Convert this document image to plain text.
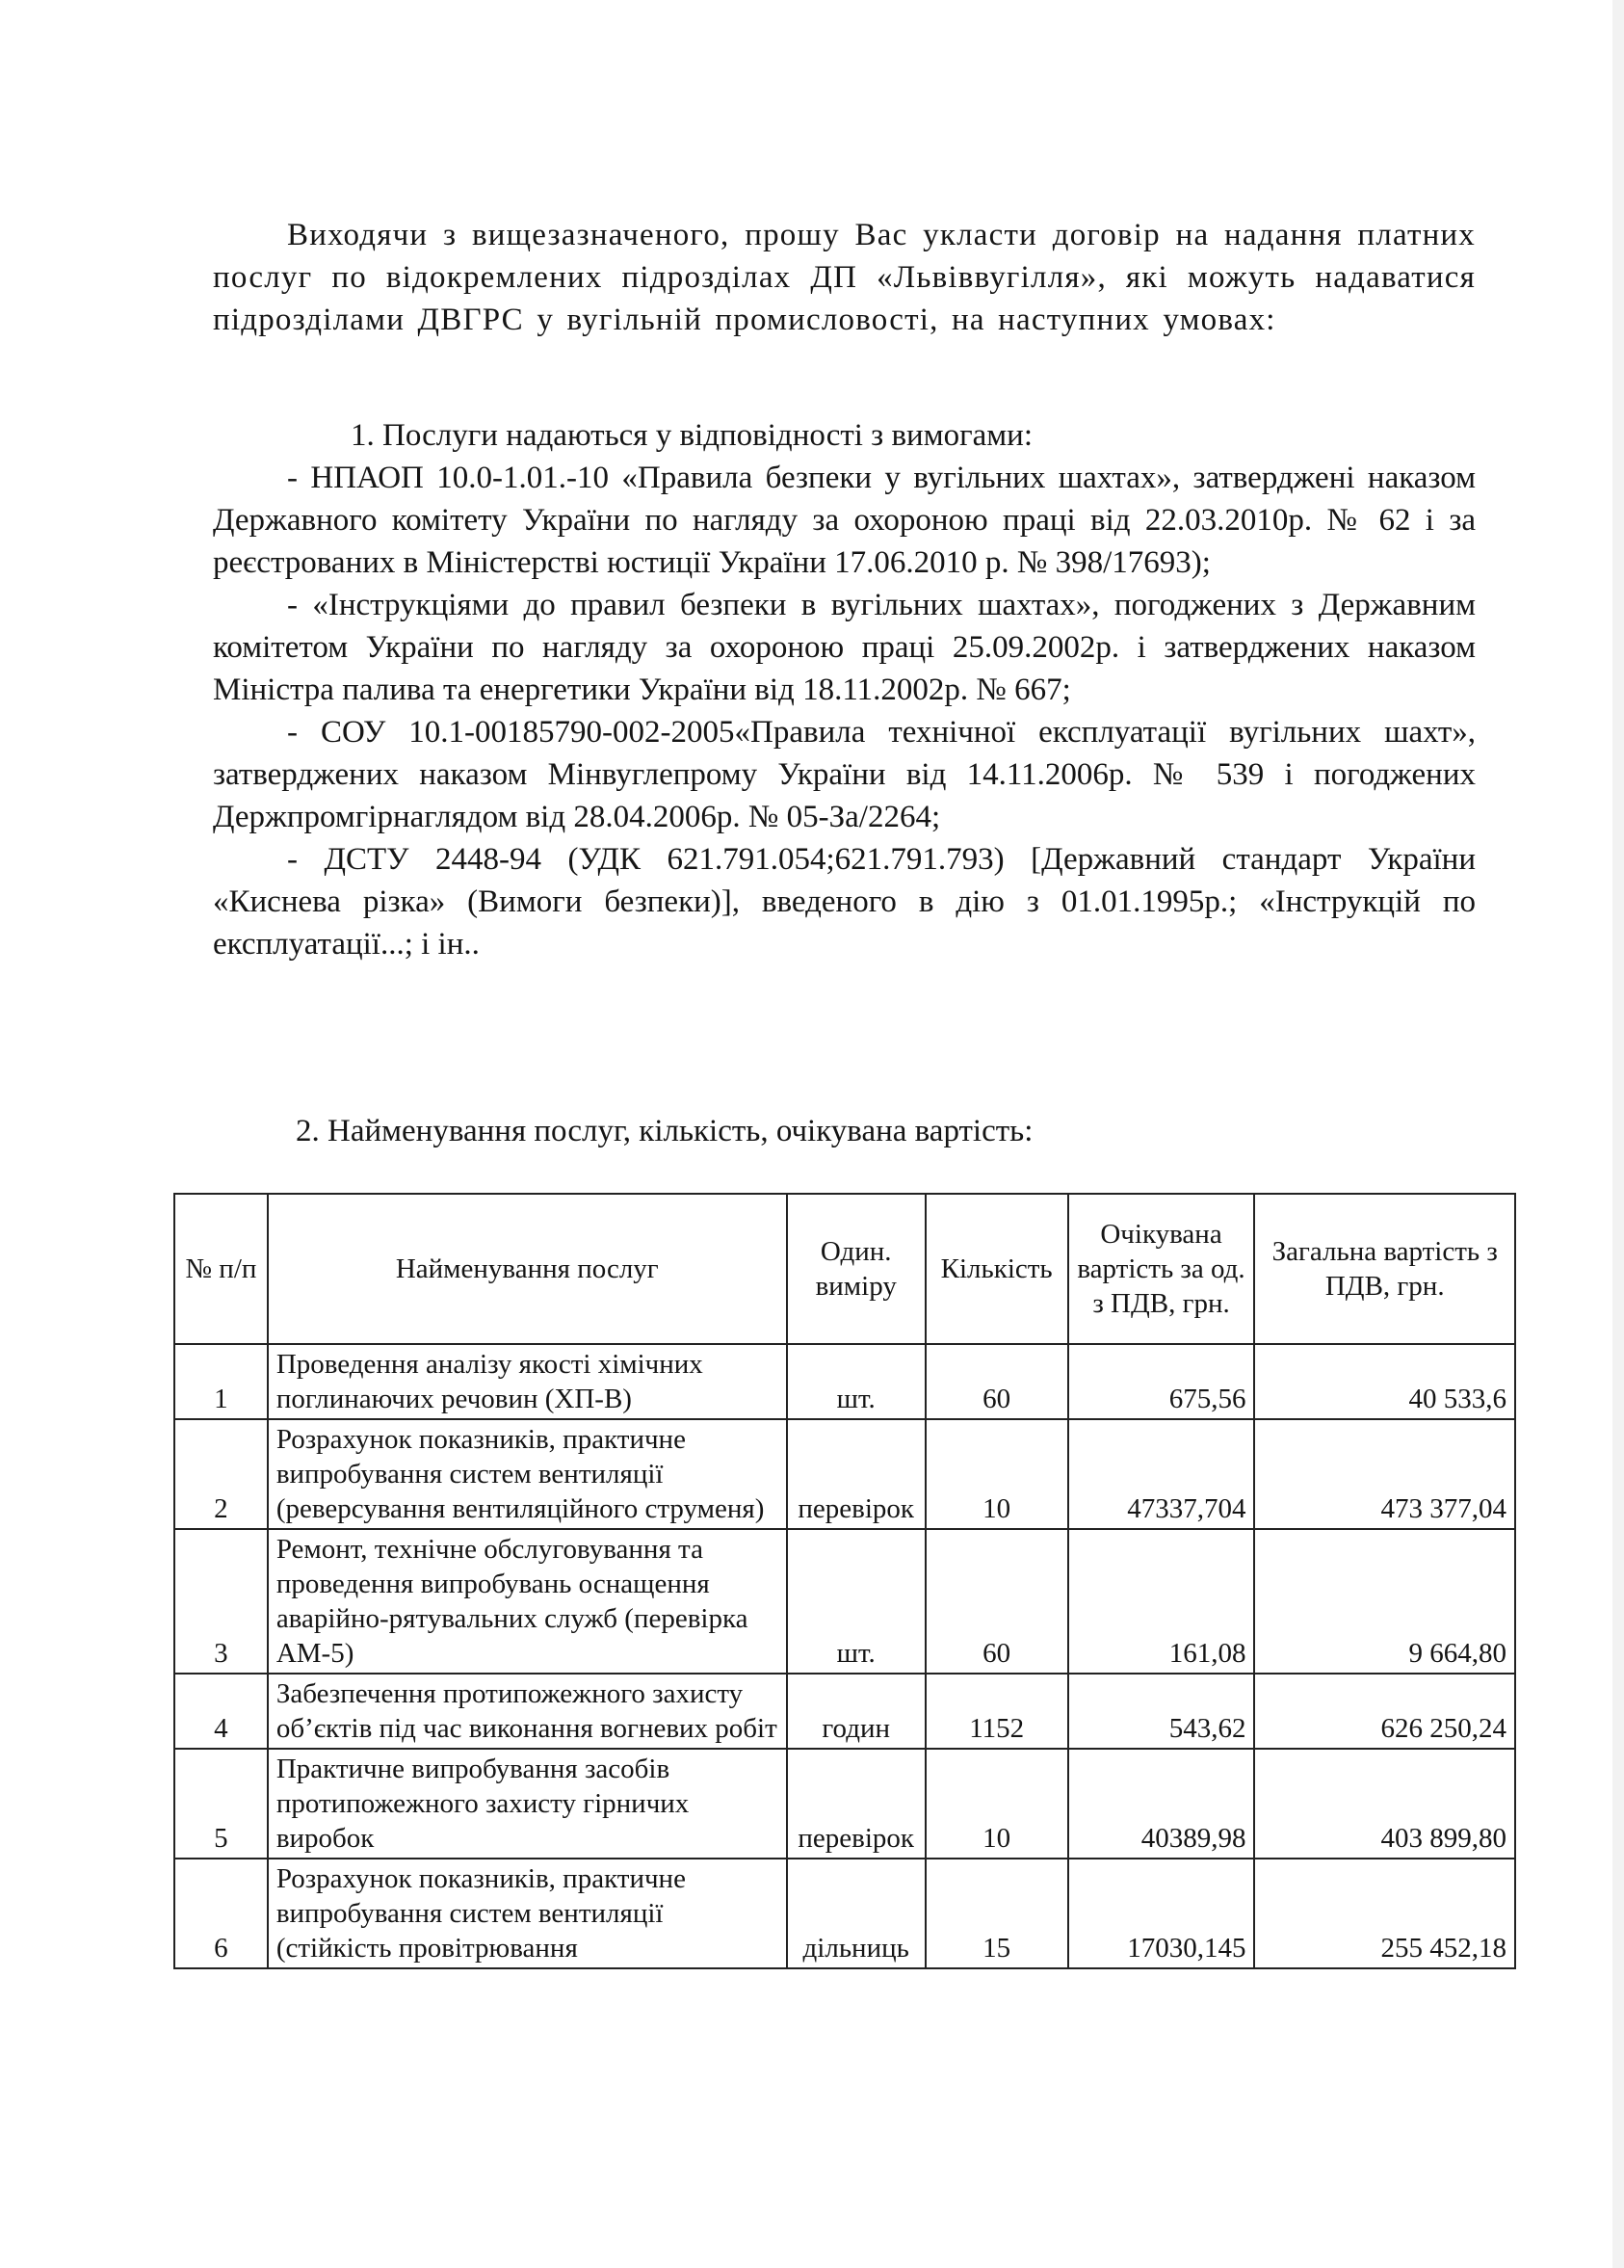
Виходячи з вищезазначеного, прошу Вас укласти договір на надання платних послуг по відокремлених підрозділах ДП «Львіввугілля», які можуть надаватися підрозділами ДВГРС у вугільній промисловості, на наступних умовах:

1. Послуги надаються у відповідності з вимогами:

- НПАОП 10.0-1.01.-10 «Правила безпеки у вугільних шахтах», затверджені наказом Державного комітету України по нагляду за охороною праці від 22.03.2010р. № 62 і за реєстрованих в Міністерстві юстиції України 17.06.2010 р. № 398/17693);

- «Інструкціями до правил безпеки в вугільних шахтах», погоджених з Державним комітетом України по нагляду за охороною праці 25.09.2002р. і затверджених наказом Міністра палива та енергетики України від 18.11.2002р. № 667;

- СОУ 10.1-00185790-002-2005«Правила технічної експлуатації вугільних шахт», затверджених наказом Мінвуглепрому України від 14.11.2006р. № 539 і погоджених Держпромгірнаглядом від 28.04.2006р. № 05-За/2264;

- ДСТУ 2448-94 (УДК 621.791.054;621.791.793) [Державний стандарт України «Киснева різка» (Вимоги безпеки)], введеного в дію з 01.01.1995р.; «Інструкцій по експлуатації...; і ін..

2. Найменування послуг, кількість, очікувана вартість:

№ п/п	Найменування послуг	Один. виміру	Кількість	Очікувана вартість за од. з ПДВ, грн.	Загальна вартість з ПДВ, грн.
1	Проведення аналізу якості хімічних поглинаючих речовин (ХП-В)	шт.	60	675,56	40 533,6
2	Розрахунок показників, практичне випробування систем вентиляції (реверсування вентиляційного струменя)	перевірок	10	47337,704	473 377,04
3	Ремонт, технічне обслуговування та проведення випробувань оснащення аварійно-рятувальних служб (перевірка АМ-5)	шт.	60	161,08	9 664,80
4	Забезпечення протипожежного захисту об’єктів під час виконання вогневих робіт	годин	1152	543,62	626 250,24
5	Практичне випробування засобів протипожежного захисту гірничих виробок	перевірок	10	40389,98	403 899,80
6	Розрахунок показників, практичне випробування систем вентиляції (стійкість провітрювання	дільниць	15	17030,145	255 452,18
